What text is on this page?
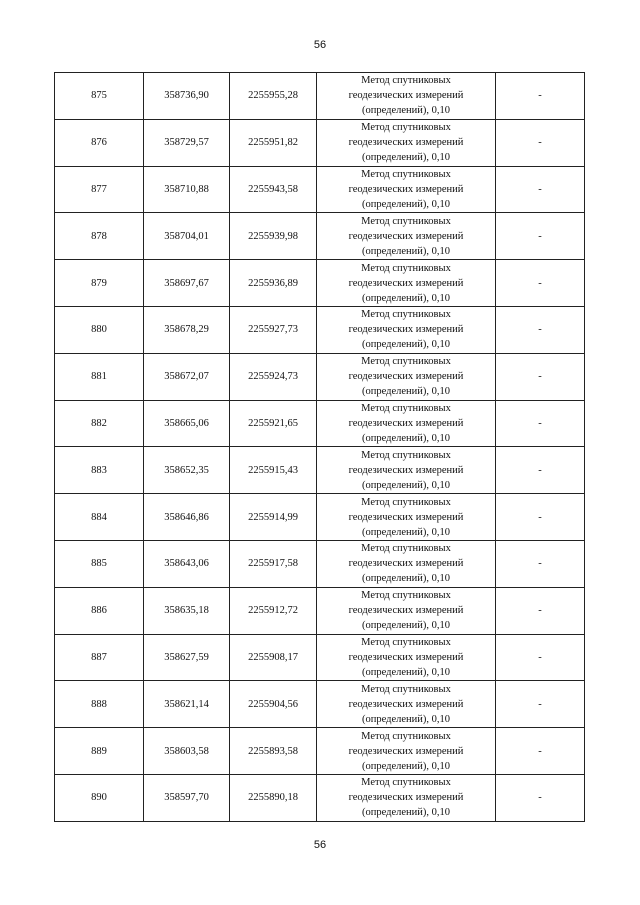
56
875	358736,90	2255955,28	Метод спутниковых
геодезических измерений
(определений), 0,10	-
876	358729,57	2255951,82	Метод спутниковых
геодезических измерений
(определений), 0,10	-
877	358710,88	2255943,58	Метод спутниковых
геодезических измерений
(определений), 0,10	-
878	358704,01	2255939,98	Метод спутниковых
геодезических измерений
(определений), 0,10	-
879	358697,67	2255936,89	Метод спутниковых
геодезических измерений
(определений), 0,10	-
880	358678,29	2255927,73	Метод спутниковых
геодезических измерений
(определений), 0,10	-
881	358672,07	2255924,73	Метод спутниковых
геодезических измерений
(определений), 0,10	-
882	358665,06	2255921,65	Метод спутниковых
геодезических измерений
(определений), 0,10	-
883	358652,35	2255915,43	Метод спутниковых
геодезических измерений
(определений), 0,10	-
884	358646,86	2255914,99	Метод спутниковых
геодезических измерений
(определений), 0,10	-
885	358643,06	2255917,58	Метод спутниковых
геодезических измерений
(определений), 0,10	-
886	358635,18	2255912,72	Метод спутниковых
геодезических измерений
(определений), 0,10	-
887	358627,59	2255908,17	Метод спутниковых
геодезических измерений
(определений), 0,10	-
888	358621,14	2255904,56	Метод спутниковых
геодезических измерений
(определений), 0,10	-
889	358603,58	2255893,58	Метод спутниковых
геодезических измерений
(определений), 0,10	-
890	358597,70	2255890,18	Метод спутниковых
геодезических измерений
(определений), 0,10	-
56
